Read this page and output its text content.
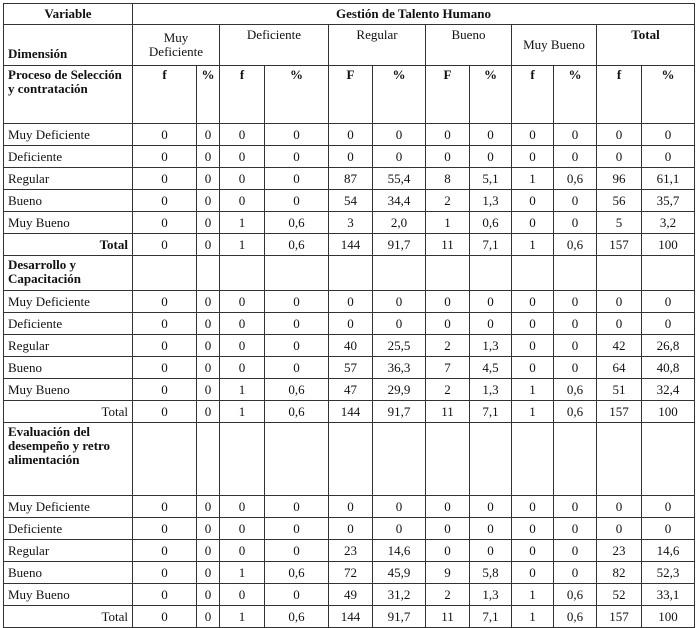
Variable	Gestión de Talento Humano											
Dimensión	Muy Deficiente		Deficiente		Regular		Bueno		Muy Bueno		Total	
Proceso de Selección y contratación	f	%	f	%	F	%	F	%	f	%	f	%
Muy Deficiente	0	0	0	0	0	0	0	0	0	0	0	0
Deficiente	0	0	0	0	0	0	0	0	0	0	0	0
Regular	0	0	0	0	87	55,4	8	5,1	1	0,6	96	61,1
Bueno	0	0	0	0	54	34,4	2	1,3	0	0	56	35,7
Muy Bueno	0	0	1	0,6	3	2,0	1	0,6	0	0	5	3,2
Total	0	0	1	0,6	144	91,7	11	7,1	1	0,6	157	100
Desarrollo y Capacitación												
Muy Deficiente	0	0	0	0	0	0	0	0	0	0	0	0
Deficiente	0	0	0	0	0	0	0	0	0	0	0	0
Regular	0	0	0	0	40	25,5	2	1,3	0	0	42	26,8
Bueno	0	0	0	0	57	36,3	7	4,5	0	0	64	40,8
Muy Bueno	0	0	1	0,6	47	29,9	2	1,3	1	0,6	51	32,4
Total	0	0	1	0,6	144	91,7	11	7,1	1	0,6	157	100
Evaluación del desempeño y retro alimentación												
Muy Deficiente	0	0	0	0	0	0	0	0	0	0	0	0
Deficiente	0	0	0	0	0	0	0	0	0	0	0	0
Regular	0	0	0	0	23	14,6	0	0	0	0	23	14,6
Bueno	0	0	1	0,6	72	45,9	9	5,8	0	0	82	52,3
Muy Bueno	0	0	0	0	49	31,2	2	1,3	1	0,6	52	33,1
Total	0	0	1	0,6	144	91,7	11	7,1	1	0,6	157	100
